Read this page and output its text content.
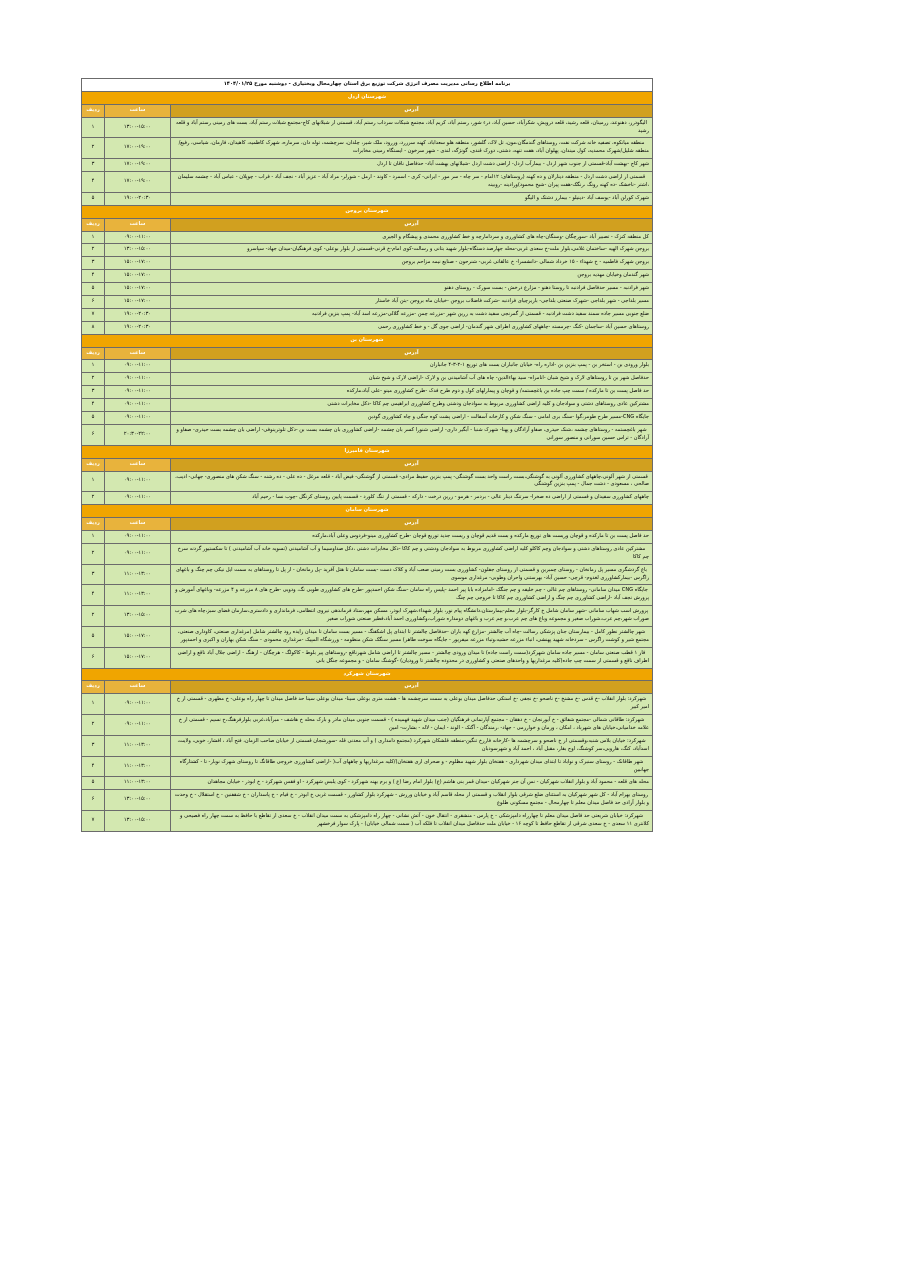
برنامه اطلاع رسانی مدیریت مصرف انرژی شرکت توزیع برق استان چهارمحال وبختیاری - دوشنبه مورخ ۱۴۰۴/۰۱/۲۵		
شهرستان اردل		
آدرس	ساعت	ردیف
الیگودرز، دهنوعد، زرمینان، قلعه رشید، قلعه درویش، شکرآباد، حسین آباد، درء شور، رستم آباد، کریم آباد، مجتمع شبکات سرداب رستم آباد، قسمتی از شبلانهای کاج-مجتمع شبلات رستم آباد، بست های زمینی رستم آباد و قلعه رشید	۱۳:۰۰-۱۵:۰۰	۱
منطقه میانکوه، تصفیه خانه شرکت نفت، روستاهای گندمگان،مون، تل لاک، گلشور، منطقه هلو سعداباد، کهنه سرزرد، وزرود، ملک شیر، چلدان، سرچشمه، توله دان، سرمازه، شهرک کاظمیه، کاهیدان، فازمان، شیاسی، رفیع/منطقه شلیل/شهرک محمدیه، کول میندان، پهلوان آباد، هفت تنهه، دشتی، دورک قندی، گونژگه، لندی - شهر سرخون - ایستگاه زمینی مخابرات	۱۷:۰۰-۱۹:۰۰	۲
شهر کاج -بهشت آباد-قسمتی از جنوب شهر اردل - بیمارآب اردل- اراضی دشت اردل -شبلانهای بهشت آباد- حدفاصل ناقان تا اردل	۱۷:۰۰-۱۹:۰۰	۳
قسمتی از اراضی دشت اردل - منطقه دینارلان و ده کهنه (روستاهای: ۱۲امام - سر چاه - سر مور - ایرانی- کری - اسمرد - کاوند - ارمل - شورلر- مراد آباد - عزیز آباد - نجف آباد - فراب - چوپلان - عباس آباد - چشمه سلیمان ،اشتر -ناخشک -ده کهنه رونگ ،رنگک-هفت پیران -شیخ محمود)ورادینه -روبینه	۱۷:۰۰-۱۹:۰۰	۴
شهرک کورلن آباد -یوسف آباد -دینیلو - بیمارز دشتک و الیگو	۱۹:۰۰-۲۰:۳۰	۵
شهرستان بروجن		
آدرس	ساعت	ردیف
کل منطقه کنزک - تصبیر آباد -سورچگان -وسنگان-چاه های کشاورزی و سردامارچه و خط کشاورزی محمدی و پیشگام و الجیری	۰۹:۰۰-۱۱:۰۰	۱
بروجن شهرک الهیه -ساختمان غلامی،بلوار ملت-خ سعدی غربی-محله جهارصد دستگاه-بلوار شهید بتانی و رسالت-کوی امام-خ قرنی-قسمتی از بلوار بوعلی- کوی فرهنگیان-میدان جهاد- سپاسرو	۱۳:۰۰-۱۵:۰۰	۲
بروجن شهرک فاطمیه - خ شهداء - ۱۵ خرداد شمالی -دانشسرا- خ عالقاتی غربی- شنرحون - صنایع نیمه مزاحم بروجن	۱۵:۰۰-۱۷:۰۰	۳
شهر گندمان وخیابان مهدیه بروجن	۱۵:۰۰-۱۷:۰۰	۴
شهر فرادنبه - مسیر حدفاصل فرادنبه تا روستا دهنو - مزارع درخش - بست سورک - روستای دهنو	۱۵:۰۰-۱۷:۰۰	۵
مسیر بلداجی - شهر بلداجی -شهرک صنعتی بلداجی- بازیرچیای فرادنبه -شرکت فاضلاب بروجن -خیابان ماه بروجن -بتن آباد خاستار	۱۵:۰۰-۱۷:۰۰	۶
ضلع جنوبی مسیر جاده سمند سفید دشت فرادنبه - قسمتی از گمرنجی سفید دشت به زرین شهر -مزرعه چمن -مزرعه گلالی-مزرعه اسد آباد- پمپ بنزین فرادنبه	۱۹:۰۰-۲۰:۳۰	۷
روستاهای حسین آباد -ساجمان -کنگ -چرمسته -چاههای کشاورزی اطراف شهر گندمان- اراضی جوی گل - و خط کشاورزی رحمی	۱۹:۰۰-۲۰:۳۰	۸
شهرستان بن		
آدرس	ساعت	ردیف
بلوار ورودی بن - استخر بن - پمپ بنزین بن -اداره راه- خیابان جانبازان بست های توزیع ۱-۲-۳-۴ جانبازان	۰۹:۰۰-۱۱:۰۰	۱
حدفاصل شهر بن تا روستاهای لارک و شیخ شبان -انامراه- سید بهاءالدین- چاه های آب آشامیدنی بن و لارک -اراضی لارک و شیخ شبان	۰۹:۰۰-۱۱:۰۰	۲
حد فاصل پست بن تا مارکده / سمت چپ جاده بن باغچستمه/ و قوچان و پیمارلهای کول و دوم طرح فدک -طرح کشاورزی مینو -علی آباد،مارکده	۰۹:۰۰-۱۱:۰۰	۳
مشترکین عادی روستاهای دشتی و سوادجان و کلیه اراضی کشاورزی مربوط به سوادجان ودشتی وطرح کشاورزی ابراهیمی چم کاکا -دکل مخابرات دشتی	۰۹:۰۰-۱۱:۰۰	۴
جایگاه CNG-مسیر طرح طومر،گوا -سنگ بری امامی - سنگ شکن و کارخانه آسفالت - اراضی پشت کوه جنگی و چاه کشاورزی گودبن	۰۹:۰۰-۱۱:۰۰	۵
شهر باغچستمه - روستاهای چشمه ،شنک حیدری، صفاو آزادگان و پهنا- شهرک شنبا - آبگیر داری- اراضی شنورا کسر بان چشمه -اراضی کشاورزی بان چشمه بست بن -دکل تلوترینوفی- اراضی بان چشمه بست حیدری- صفاو و آزادگان - تراس حسین سورانی و منصور سورانی	۲۰:۳۰-۲۲:۰۰	۶
شهرستان فامیرزا		
آدرس	ساعت	ردیف
قسمتی از شهر آلونی،چاههای کشاورزی آلونی به گوشنگی،بست راست واحد بست گوشنگی- پمپ بنزین حفیظ مرادی- قسمتی از گوشنگی- فیض آباد - قلعه مرغل - ده علی - ده رشنه - سنگ شکن های منصوری- جهانی- ادیب، صالحی ، مسعودی - دشت جمال - پمپ بنزین گوشنگی	۰۹:۰۰-۱۱:۰۰	۱
چاههای کشاورزی سفیدان و قسمتی از اراضی ده صخرا- سرتنگ دینار عالی - بردمر - هرمو - زرین درخت - دارکه - قسمتی از تنگ کلورد - قسمت پایین روستای کرنگل -چوب نسا - رحیم آباد	۰۹:۰۰-۱۱:۰۰	۲
شهرستان سامان		
آدرس	ساعت	ردیف
حد فاصل پست بن تا مارکده و قوچان وریست های توزیع مارکده و بست قدیم قوچان و ریست جدید توزیع قوچان -طرح کشاورزی مینو-فردوس وعلی آباد،مارکده	۰۹:۰۰-۱۱:۰۰	۱
مشترکین عادی روستاهای دشتی و سوادجان وچم کاکلو کلیه اراضی کشاورزی مربوط به سوادجان ودشتی و چم کاکا -دکل مخابرات دشتی ،دکل صداوسیما و آب آشامیدنی (تسویه خانه آب آشامیدنی ) تا سکستیور گردنه سرخ چم کاکا	۰۹:۰۰-۱۱:۰۰	۲
باغ گردشگری مسیر پل زمانخان - روستای چمبرین و قسمتی از روستای جفلون- کشاورزی بست زمینی صعب آباد و کلاک دست -بست سامان تا هتل آفرید -پل زمانخان - از پل تا روستاهای به سمت ایل نیکی چم چنگ و باغهای زاگرس -بیمارکشاورزی لغدوم- قرچی- حسین آباد- بهرستنی واحران وطوبی- مرغداری موسوی	۱۱:۰۰-۱۳:۰۰	۳
جایگاه CNG میدان سامانی- روستاهای چم غالی - چم خلیفه و چم جنگک -امامزاده بابا پیر احمد -پلیس راه سامان -سنگ شکن احمدپور -طرح های کشاورزی طوبی نگ، ودویی -طرح های ۸ مزرعه و ۴ مزرعه- وباغهای آموزش و پرورش نجف آباد -اراضی کشاورزی چم چنگ و اراضی کشاورزی چم کاکا تا خروجی چم چنگ	۱۱:۰۰-۱۳:۰۰	۴
پرورش اسب شهاب سامانی -شهر سامان شامل خ کارگر-بلوار معلم-بیمارستان،دانشگاه پیام نور، بلوار شهداء،شهرک ابوذر، مسکن مهر،ستاد فرماندهی نیروی انتظامی، فرمانداری و دادستری،سازمان فضای سبز،چاه های شرب صوراب شهر،چم عرب،شوراب صغیر و مجموعه وباغ های چم عرب،و چم عرب و باغهای دومداره شوراب،وکشاورزی احمد آباد،فطیر صنعتی شوراب صغیر	۱۳:۰۰-۱۵:۰۰	۲
شهر چالشتر نطور کامل - بیمارستان جنان پزشکی رسالت -چاه آب چالشتر -مزارع کهه باران -حدفاصل چالشتر تا ابتدای پل اشکفتگ - مسیر بست سامان تا میدان زایده رود چالشتر شامل (مرغداری صنعتی، کاوداری صنعتی، مجتمع شیر و کوشت زاگرس - سردخانه شهید پهنشی، انباء مزرعه حشیه،وتباء مزرعه میفریور - جایگاه سوخت طاهر) مسیر سنگک شکن منظومه - ورزشگاه المپیک -مرغداری محمودی - سنگ شکن بهاران و اکبری و احمدپور	۱۵:۰۰-۱۷:۰۰	۵
فاز ۱ قطب صنعتی سامان - مسیر جاده سامان شهرکرد(سمت راست جاده) تا میدان ورودی چالشتر - مسیر چالشتر تا اراضی شامل شهرناقع -روستاهای پیر بلوط - کاکولگ - هرچگان - ازهنگ - اراضی جلال آباد ناقع و اراضی اطراف ناقع و قسمتی از سمت چپ جاده(کلیه مرغداریها و واحدهای صنعتی و کشاورزی در محدوده چالشتر تا ورودیان) -گوشنگ سامان - و مجموعه جنگل بانی	۱۵:۰۰-۱۷:۰۰	۶
شهرستان شهرکرد		
آدرس	ساعت	ردیف
شهرکرد: بلوار انقلاب -خ قدس -خ مشنخ -خ ناصحو -خ نجفی -خ استکی حدفاصل میدان بوعلی به سمت سرچشمه ها - هشت متری بوعلی سینا- میدان بوعلی سینا حد فاصل میدان تا چهار راه بوعلی- خ مطهری - قسمتی از خ امیر کبیر	۰۹:۰۰-۱۱:۰۰	۱
شهرکرد: طاقانی شمالی -مجتمع شفائق - خ آیورنجان - خ دهقان - مجتمع آپارتمانی فرهنگیان (جنب میدان شهید فهمیده ) - قسمت جنوبی میدان مادر و بازک محله خ هاشف - مبرآباد،غربی بلوارفرهنگ،خ نسیم - قسمتی از خ علامه خدامیانی،خیابان های شهرباد ، امکان ، وزمان و خوارزمی - جهاد- ،زمندگان - آگنک - الوند - ایمان - لاله - بشارت- امین	۰۹:۰۰-۱۱:۰۰	۲
شهرکرد: خیابان بلاس شنبه،وقسمتی از خ ناصحو و سرچشمه ها -کارخانه فارزخ تنگین-منطقه قلشکان شهرکرد (مجتمع دامداری ) و آب معدنی قله -سورشجان قسمتی از خیابان صاحب الزمان، فتح آباد ، افشار، خوبی، ولایت، اسدآباد، کنگ، هاروبی،سر کوشنگ، اوج بقار، مقبل آباد ، احمد آباد و شهرسودبان	۱۱:۰۰-۱۳:۰۰	۳
شهر طاقانک - روستای سنبرک و نواباد تا ابتدای میدان شهرداری - هفتخان بلوار شهید مظلوم - و صحرای ازی هفتخان)/کلیه مرغداریها و چاههای آب( -اراضی کشاورزی خروجی طاقانگ تا روستای شهرک نوبار- تا - کشتارگاه جهانبین	۱۱:۰۰-۱۳:۰۰	۴
محله های قلعه - محمود آباد و بلوار انقلاب شهرکیان - نس آن جنر شهرکیان -میدان قمر بنی هاشم (ع) بلوار امام رضا (ع ) و برم بهنه شهرکرد - کوی یلبس شهرکرد - او فقس شهرکرد - خ ابوذر - خیابان مجاهدان	۱۱:۰۰-۱۳:۰۰	۵
روستای بهرام آباد - کل شهر شهرکیان به استثنای ضلع شرقی بلوار انقلاب و قسمتی از محله قاسم آباد و خیابان ورزش - شهرکرد بلوار کشاورز - قسمت غربی خ ابوذر - خ فیام - خ پاسداران - خ شقفنین - خ استقلال - خ وحدت و بلوار آزادی حد فاصل میدان معلم تا چهارمحال - مجتمع مسکونی طلوع	۱۳:۰۰-۱۵:۰۰	۶
شهرکرد: خیابان شریعتی حد فاصل میدان معلم تا چهارراه دامپزشکی - خ پارس - منشقری - انتقال خون - آتش نشانی - چهار راه دامپزشکی به سمت میدان انقلاب - خ سعدی از تقاطع با حافظ به سمت چهار راه فصیحی و کلانتری ۱۱ سعدی - خ سعدی شرقی از تقاطع حافظ تا کوچه ۱۶ - خیابان ملت حدفاصل میدان انقلاب تا فلکه آب ( سمت شمالی خیابان) - پارک سوار فرخشهر	۱۳:۰۰-۱۵:۰۰	۷
